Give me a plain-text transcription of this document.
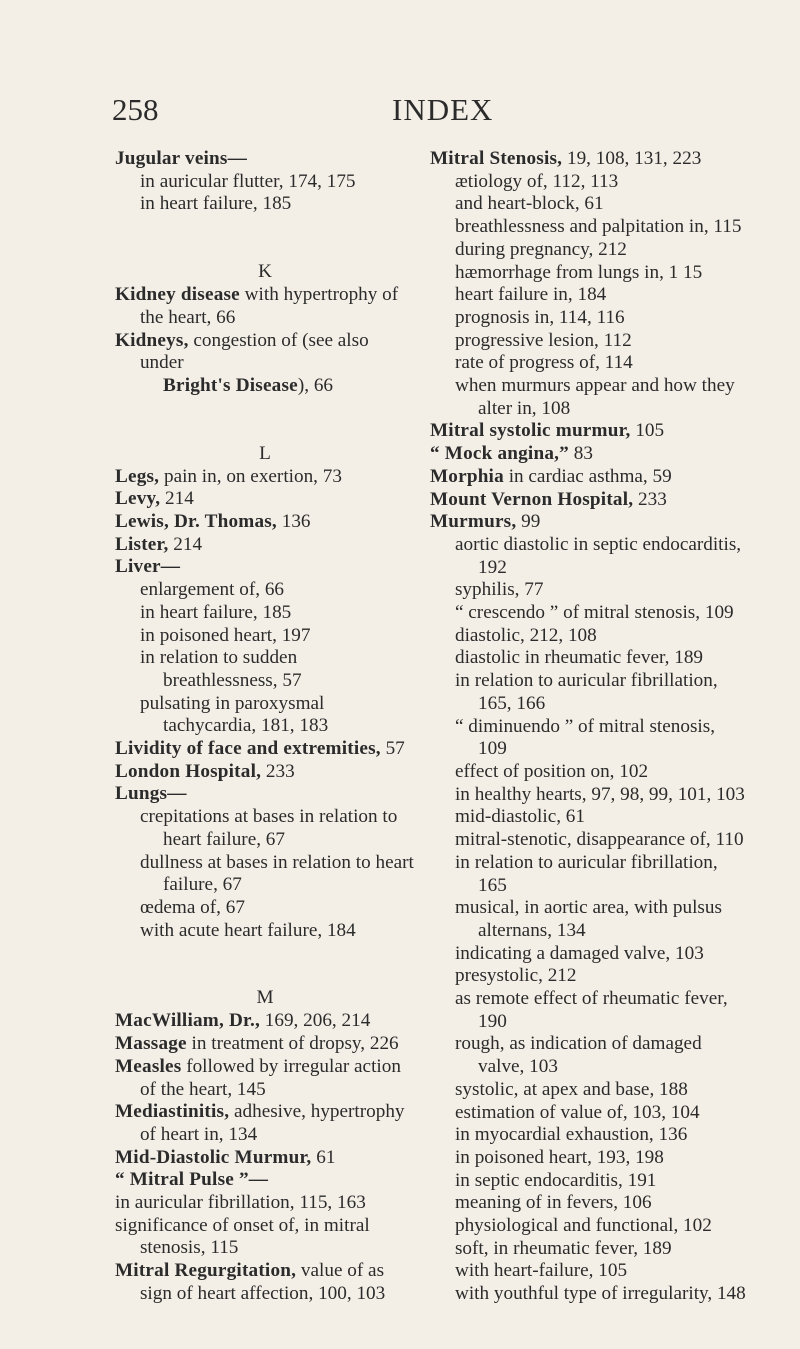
258	INDEX

Jugular veins—

in auricular flutter, 174, 175

in heart failure, 185

K

Kidney disease with hypertrophy of the heart, 66

Kidneys, congestion of (see also under

Bright's Disease), 66

L

Legs, pain in, on exertion, 73

Levy, 214

Lewis, Dr. Thomas, 136

Lister, 214

Liver—

enlargement of, 66

in heart failure, 185

in poisoned heart, 197

in relation to sudden breathlessness, 57

pulsating in paroxysmal tachycardia, 181, 183

Lividity of face and extremities, 57

London Hospital, 233

Lungs—

crepitations at bases in relation to heart failure, 67

dullness at bases in relation to heart failure, 67

œdema of, 67

with acute heart failure, 184

M

MacWilliam, Dr., 169, 206, 214

Massage in treatment of dropsy, 226

Measles followed by irregular action of the heart, 145

Mediastinitis, adhesive, hypertrophy of heart in, 134

Mid-Diastolic Murmur, 61

“ Mitral Pulse ”—

in auricular fibrillation, 115, 163

significance of onset of, in mitral stenosis, 115

Mitral Regurgitation, value of as sign of heart affection, 100, 103

Mitral Stenosis, 19, 108, 131, 223

ætiology of, 112, 113

and heart-block, 61

breathlessness and palpitation in, 115

during pregnancy, 212

hæmorrhage from lungs in, 1 15

heart failure in, 184

prognosis in, 114, 116

progressive lesion, 112

rate of progress of, 114

when murmurs appear and how they alter in, 108

Mitral systolic murmur, 105

“ Mock angina,” 83

Morphia in cardiac asthma, 59

Mount Vernon Hospital, 233

Murmurs, 99

aortic diastolic in septic endocarditis, 192

syphilis, 77

“ crescendo ” of mitral stenosis, 109

diastolic, 212, 108

diastolic in rheumatic fever, 189

in relation to auricular fibrillation, 165, 166

“ diminuendo ” of mitral stenosis, 109

effect of position on, 102

in healthy hearts, 97, 98, 99, 101, 103

mid-diastolic, 61

mitral-stenotic, disappearance of, 110

in relation to auricular fibrillation, 165

musical, in aortic area, with pulsus alternans, 134

indicating a damaged valve, 103

presystolic, 212

as remote effect of rheumatic fever, 190

rough, as indication of damaged valve, 103

systolic, at apex and base, 188

estimation of value of, 103, 104

in myocardial exhaustion, 136

in poisoned heart, 193, 198

in septic endocarditis, 191

meaning of in fevers, 106

physiological and functional, 102

soft, in rheumatic fever, 189

with heart-failure, 105

with youthful type of irregularity, 148
